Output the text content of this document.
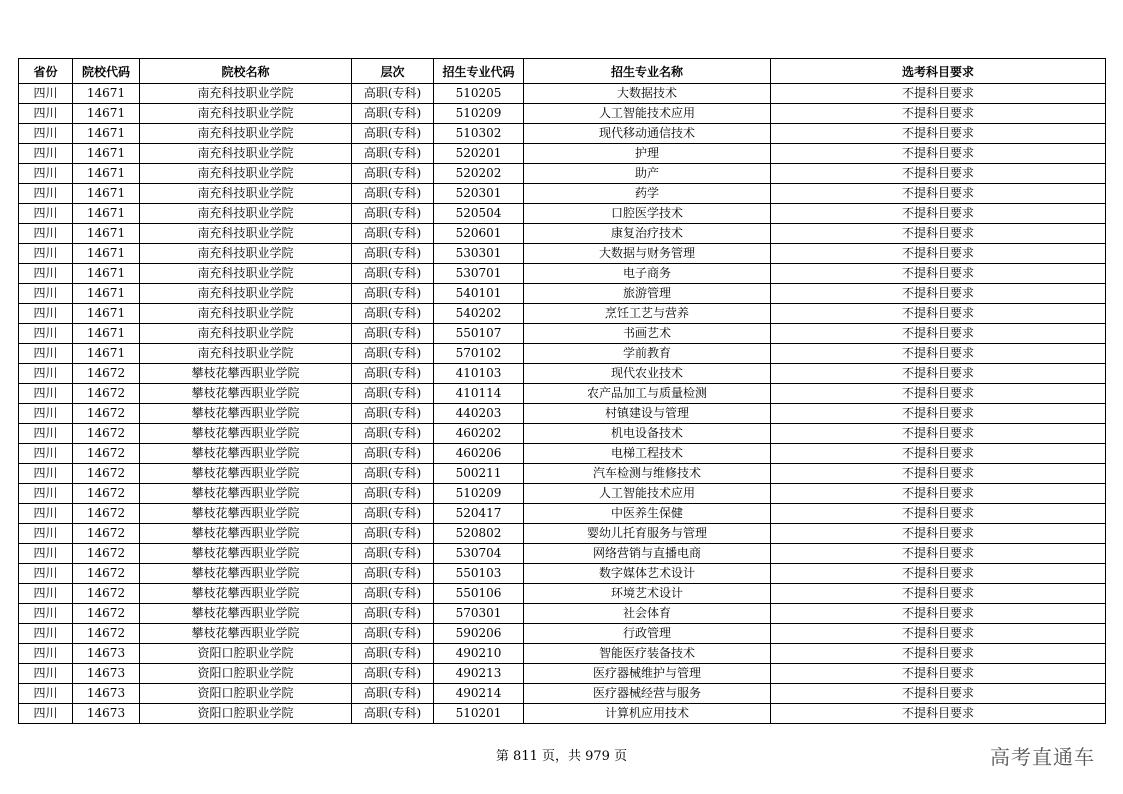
省份	院校代码	院校名称	层次	招生专业代码	招生专业名称	选考科目要求
四川	14671	南充科技职业学院	高职(专科)	510205	大数据技术	不提科目要求
四川	14671	南充科技职业学院	高职(专科)	510209	人工智能技术应用	不提科目要求
四川	14671	南充科技职业学院	高职(专科)	510302	现代移动通信技术	不提科目要求
四川	14671	南充科技职业学院	高职(专科)	520201	护理	不提科目要求
四川	14671	南充科技职业学院	高职(专科)	520202	助产	不提科目要求
四川	14671	南充科技职业学院	高职(专科)	520301	药学	不提科目要求
四川	14671	南充科技职业学院	高职(专科)	520504	口腔医学技术	不提科目要求
四川	14671	南充科技职业学院	高职(专科)	520601	康复治疗技术	不提科目要求
四川	14671	南充科技职业学院	高职(专科)	530301	大数据与财务管理	不提科目要求
四川	14671	南充科技职业学院	高职(专科)	530701	电子商务	不提科目要求
四川	14671	南充科技职业学院	高职(专科)	540101	旅游管理	不提科目要求
四川	14671	南充科技职业学院	高职(专科)	540202	烹饪工艺与营养	不提科目要求
四川	14671	南充科技职业学院	高职(专科)	550107	书画艺术	不提科目要求
四川	14671	南充科技职业学院	高职(专科)	570102	学前教育	不提科目要求
四川	14672	攀枝花攀西职业学院	高职(专科)	410103	现代农业技术	不提科目要求
四川	14672	攀枝花攀西职业学院	高职(专科)	410114	农产品加工与质量检测	不提科目要求
四川	14672	攀枝花攀西职业学院	高职(专科)	440203	村镇建设与管理	不提科目要求
四川	14672	攀枝花攀西职业学院	高职(专科)	460202	机电设备技术	不提科目要求
四川	14672	攀枝花攀西职业学院	高职(专科)	460206	电梯工程技术	不提科目要求
四川	14672	攀枝花攀西职业学院	高职(专科)	500211	汽车检测与维修技术	不提科目要求
四川	14672	攀枝花攀西职业学院	高职(专科)	510209	人工智能技术应用	不提科目要求
四川	14672	攀枝花攀西职业学院	高职(专科)	520417	中医养生保健	不提科目要求
四川	14672	攀枝花攀西职业学院	高职(专科)	520802	婴幼儿托育服务与管理	不提科目要求
四川	14672	攀枝花攀西职业学院	高职(专科)	530704	网络营销与直播电商	不提科目要求
四川	14672	攀枝花攀西职业学院	高职(专科)	550103	数字媒体艺术设计	不提科目要求
四川	14672	攀枝花攀西职业学院	高职(专科)	550106	环境艺术设计	不提科目要求
四川	14672	攀枝花攀西职业学院	高职(专科)	570301	社会体育	不提科目要求
四川	14672	攀枝花攀西职业学院	高职(专科)	590206	行政管理	不提科目要求
四川	14673	资阳口腔职业学院	高职(专科)	490210	智能医疗装备技术	不提科目要求
四川	14673	资阳口腔职业学院	高职(专科)	490213	医疗器械维护与管理	不提科目要求
四川	14673	资阳口腔职业学院	高职(专科)	490214	医疗器械经营与服务	不提科目要求
四川	14673	资阳口腔职业学院	高职(专科)	510201	计算机应用技术	不提科目要求
第 811 页，共 979 页	高考直通车
